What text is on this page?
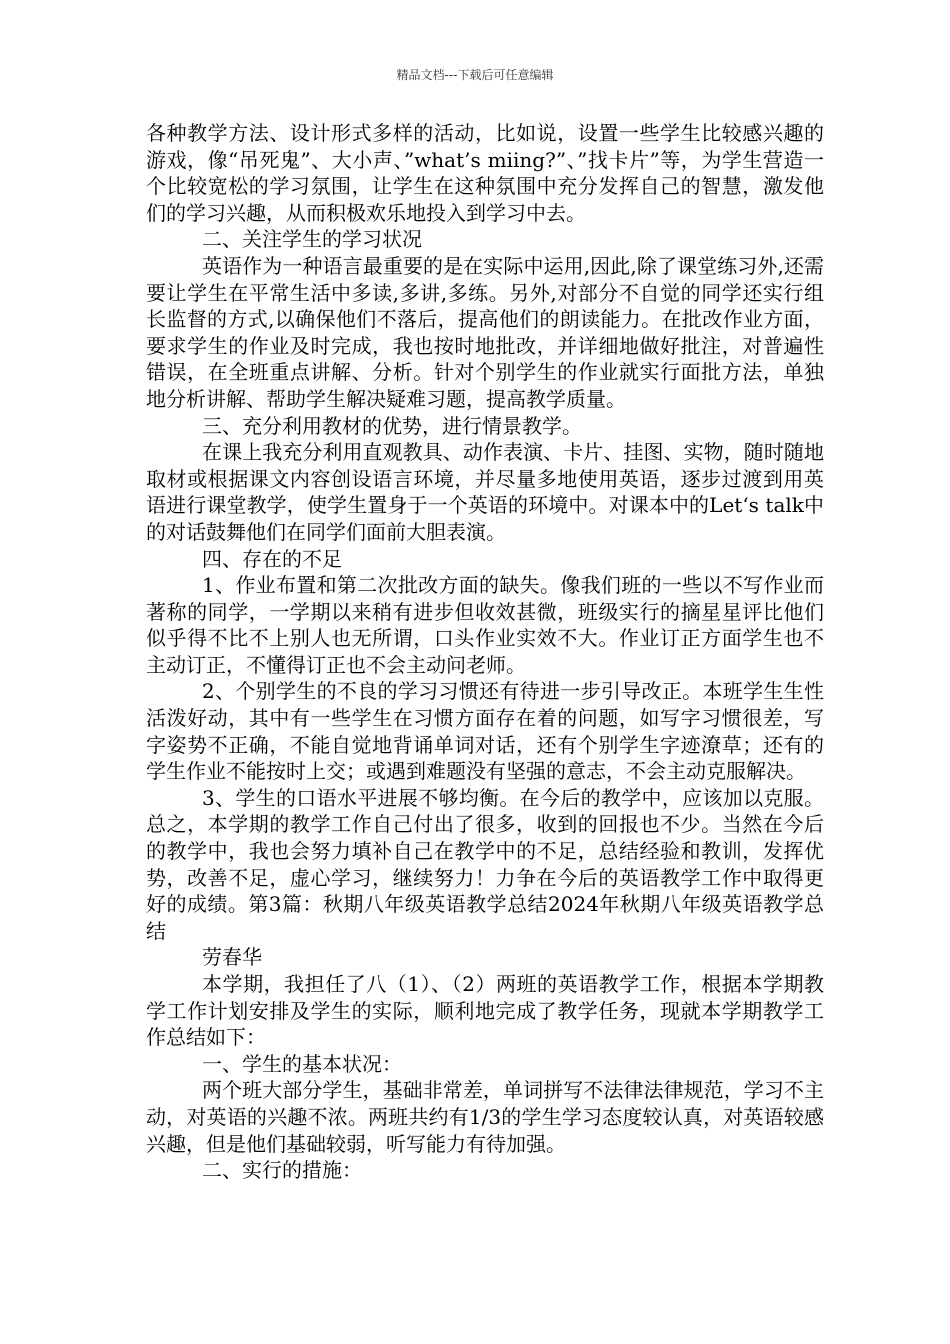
精品文档---下载后可任意编辑

各种教学方法、设计形式多样的活动，比如说，设置一些学生比较感兴趣的游戏，像“吊死鬼”、大小声、”what’s miing?”、”找卡片”等，为学生营造一个比较宽松的学习氛围，让学生在这种氛围中充分发挥自己的智慧，激发他们的学习兴趣，从而积极欢乐地投入到学习中去。

二、关注学生的学习状况

英语作为一种语言最重要的是在实际中运用,因此,除了课堂练习外,还需要让学生在平常生活中多读,多讲,多练。另外,对部分不自觉的同学还实行组长监督的方式,以确保他们不落后，提高他们的朗读能力。在批改作业方面，要求学生的作业及时完成，我也按时地批改，并详细地做好批注，对普遍性错误，在全班重点讲解、分析。针对个别学生的作业就实行面批方法，单独地分析讲解、帮助学生解决疑难习题，提高教学质量。

三、充分利用教材的优势，进行情景教学。

在课上我充分利用直观教具、动作表演、卡片、挂图、实物，随时随地取材或根据课文内容创设语言环境，并尽量多地使用英语，逐步过渡到用英语进行课堂教学，使学生置身于一个英语的环境中。对课本中的Let‘s talk中的对话鼓舞他们在同学们面前大胆表演。

四、存在的不足

1、作业布置和第二次批改方面的缺失。像我们班的一些以不写作业而著称的同学，一学期以来稍有进步但收效甚微，班级实行的摘星星评比他们似乎得不比不上别人也无所谓，口头作业实效不大。作业订正方面学生也不主动订正，不懂得订正也不会主动问老师。

2、个别学生的不良的学习习惯还有待进一步引导改正。本班学生生性活泼好动，其中有一些学生在习惯方面存在着的问题，如写字习惯很差，写字姿势不正确，不能自觉地背诵单词对话，还有个别学生字迹潦草；还有的学生作业不能按时上交；或遇到难题没有坚强的意志，不会主动克服解决。

3、学生的口语水平进展不够均衡。在今后的教学中，应该加以克服。 总之，本学期的教学工作自己付出了很多，收到的回报也不少。当然在今后的教学中，我也会努力填补自己在教学中的不足，总结经验和教训，发挥优势，改善不足，虚心学习，继续努力！力争在今后的英语教学工作中取得更好的成绩。第3篇：秋期八年级英语教学总结2024年秋期八年级英语教学总结

劳春华

本学期，我担任了八（1）、（2）两班的英语教学工作，根据本学期教学工作计划安排及学生的实际，顺利地完成了教学任务，现就本学期教学工作总结如下：

一、学生的基本状况：

两个班大部分学生，基础非常差，单词拼写不法律法律规范，学习不主动，对英语的兴趣不浓。两班共约有1/3的学生学习态度较认真，对英语较感兴趣，但是他们基础较弱，听写能力有待加强。

二、实行的措施：
